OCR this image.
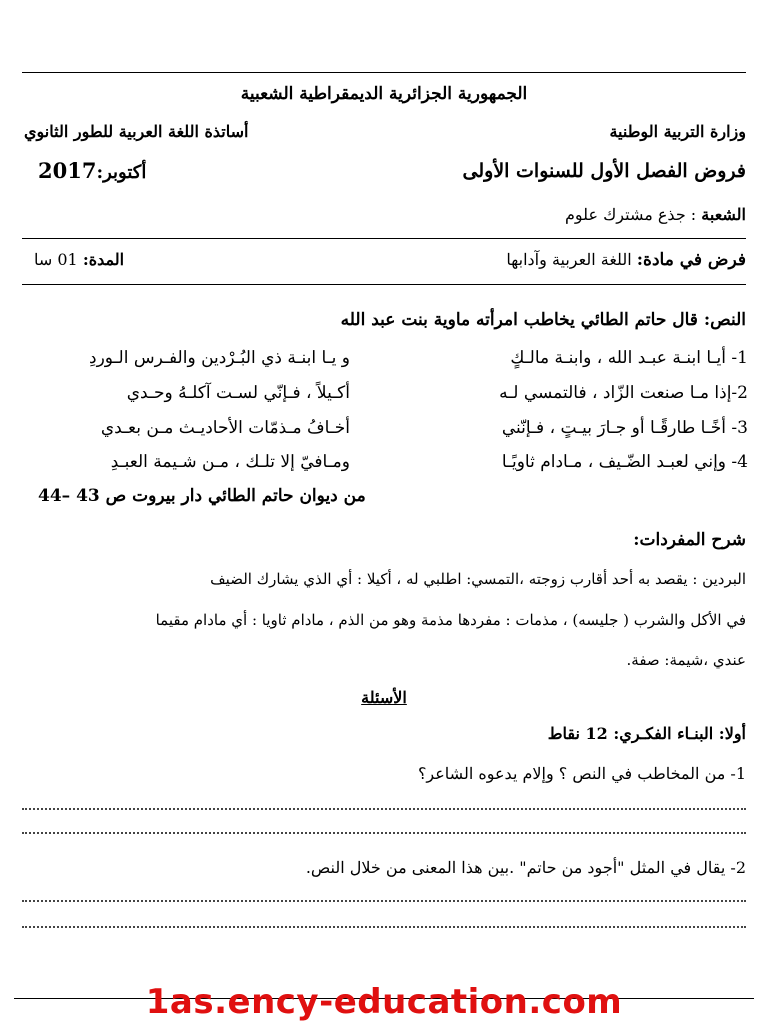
الجمهورية الجزائرية الديمقراطية الشعبية
وزارة التربية الوطنية
أساتذة اللغة العربية للطور الثانوي
فروض الفصل الأول للسنوات الأولى
أكتوبر:2017
الشعبة : جذع مشترك علوم
فرض في مادة: اللغة العربية وآدابها
المدة: 01 سا
النص: قال حاتم الطائي يخاطب امرأته ماوية بنت عبد الله
1- أيـا ابنـة عبـد الله ، وابنـة مالـكٍ
و يـا ابنـة ذي البُـرْدين والفـرس الـوردِ
2-إذا مـا صنعت الزّاد ، فالتمسي لـه
أكـيلاً ، فـإنّي لسـت آكلـهُ وحـدي
3- أخًـا طارقًـا أو جـارَ بيـتٍ ، فـإنّني
أخـافُ مـذمّات الأحاديـث مـن بعـدي
4- وإني لعبـد الضّـيف ، مـادام ثاويًـا
ومـافيّ إلا تلـك ، مـن شـيمة العبـدِ
من ديوان حاتم الطائي دار بيروت ص 43 –44
شرح المفردات:
البردين : يقصد به أحد أقارب زوجته ،التمسي: اطلبي له ، أكيلا : أي الذي يشارك الضيف
في الأكل والشرب ( جليسه) ، مذمات : مفردها مذمة وهو من الذم ، مادام ثاويا : أي مادام مقيما
عندي ،شيمة: صفة.
الأسئلة
أولا: البنـاء الفكـري: 12 نقاط
1- من المخاطب في النص ؟ وإلام يدعوه الشاعر؟
2- يقال في المثل "أجود من حاتم" .بين هذا المعنى من خلال النص.
1as.ency-education.com
